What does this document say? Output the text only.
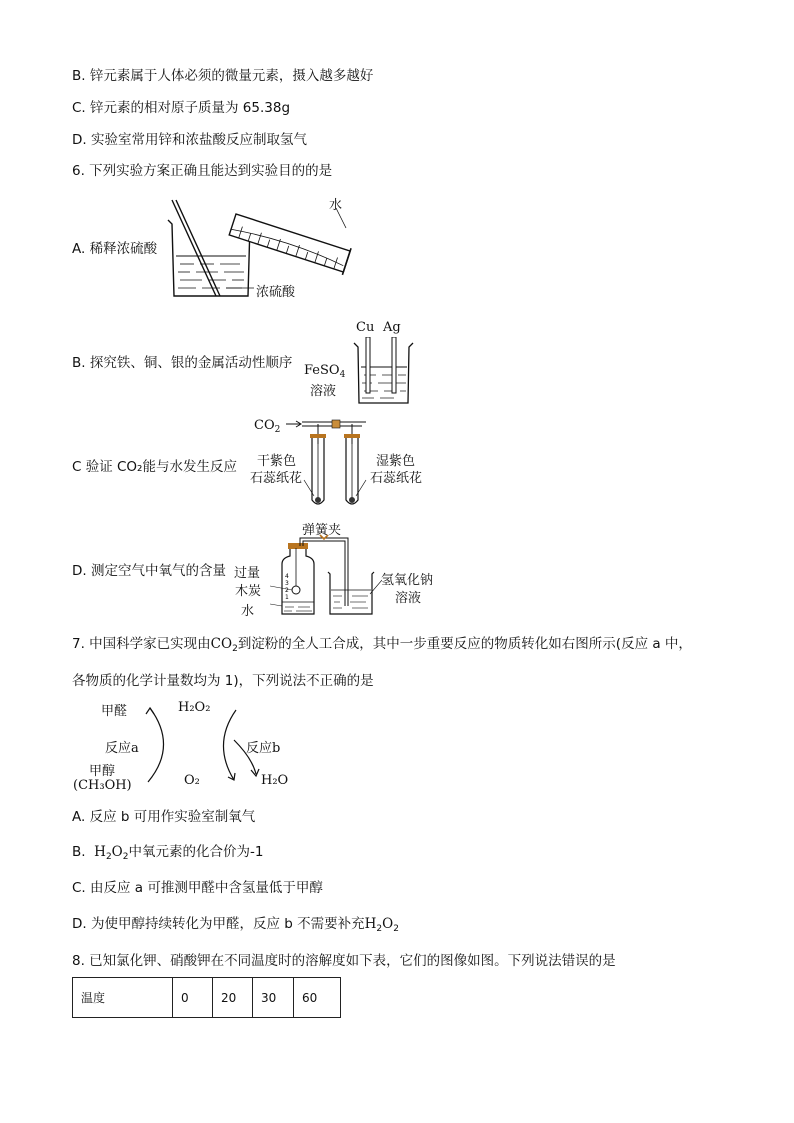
B. 锌元素属于人体必须的微量元素，摄入越多越好
C. 锌元素的相对原子质量为 65.38g
D. 实验室常用锌和浓盐酸反应制取氢气
6. 下列实验方案正确且能达到实验目的的是
A. 稀释浓硫酸
水
浓硫酸
B. 探究铁、铜、银的金属活动性顺序
Cu Ag
FeSO$_4$
溶液
C 验证 CO₂能与水发生反应
$CO_2$
干紫色
石蕊纸花
湿紫色
石蕊纸花
D. 测定空气中氧气的含量
弹簧夹
过量
木炭
水
氢氧化钠
溶液
4
3
2
1
7. 中国科学家已实现由$CO_2$到淀粉的全人工合成，其中一步重要反应的物质转化如右图所示(反应 a 中，
各物质的化学计量数均为 1)，下列说法不正确的是
甲醛	H₂O₂
反应a	反应b
甲醇
(CH₃OH)	O₂	H₂O
A. 反应 b 可用作实验室制氧气
B. $H_2O_2$中氧元素的化合价为-1
C. 由反应 a 可推测甲醛中含氢量低于甲醇
D. 为使甲醇持续转化为甲醛，反应 b 不需要补充$H_2O_2$
8. 已知氯化钾、硝酸钾在不同温度时的溶解度如下表，它们的图像如图。下列说法错误的是
温度	0	20	30	60
